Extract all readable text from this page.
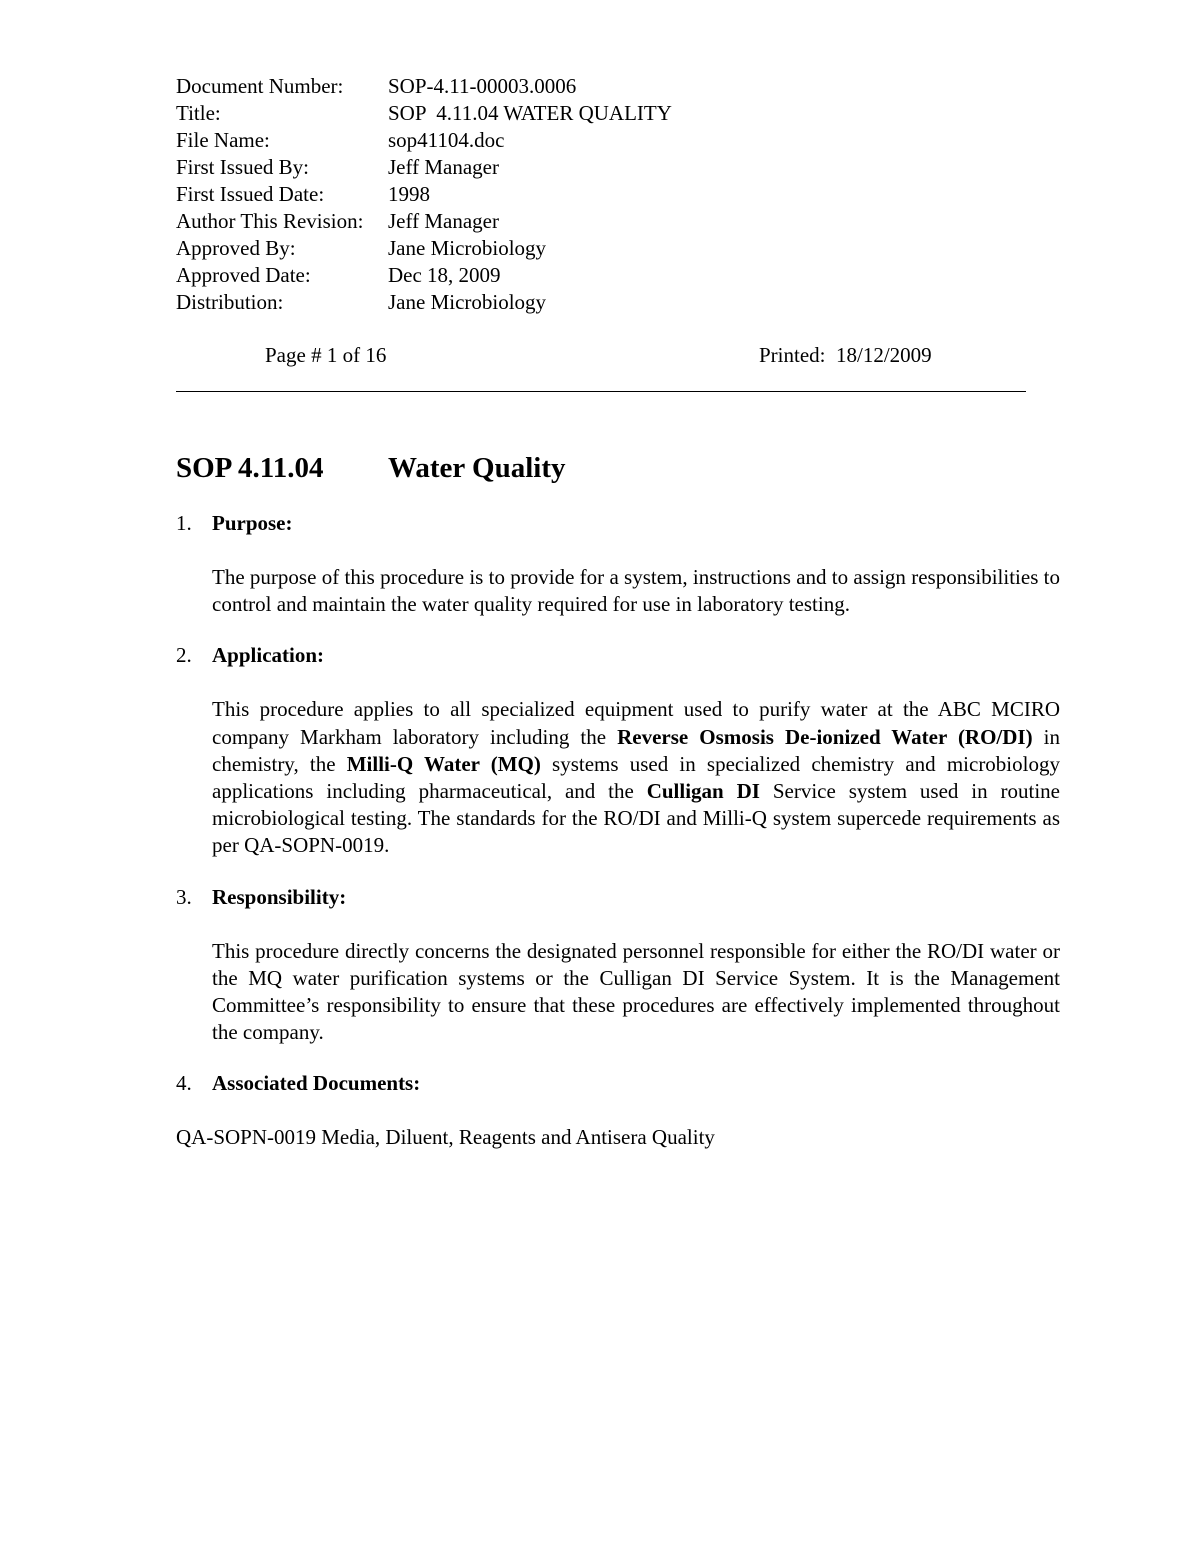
Document Number:	SOP-4.11-00003.0006
Title:	SOP  4.11.04 WATER QUALITY
File Name:	sop41104.doc
First Issued By:	Jeff Manager
First Issued Date:	1998
Author This Revision:	Jeff Manager
Approved By:	Jane Microbiology
Approved Date:	Dec 18, 2009
Distribution:	Jane Microbiology
Page # 1 of 16	Printed:  18/12/2009
SOP 4.11.04	Water Quality
1. Purpose:
The purpose of this procedure is to provide for a system, instructions and to assign responsibilities to control and maintain the water quality required for use in laboratory testing.
2. Application:
This procedure applies to all specialized equipment used to purify water at the ABC MCIRO company Markham laboratory including the Reverse Osmosis De-ionized Water (RO/DI) in chemistry, the Milli-Q Water (MQ) systems used in specialized chemistry and microbiology applications including pharmaceutical, and the Culligan DI Service system used in routine microbiological testing. The standards for the RO/DI and Milli-Q system supercede requirements as per QA-SOPN-0019.
3. Responsibility:
This procedure directly concerns the designated personnel responsible for either the RO/DI water or the MQ water purification systems or the Culligan DI Service System. It is the Management Committee’s responsibility to ensure that these procedures are effectively implemented throughout the company.
4. Associated Documents:
QA-SOPN-0019 Media, Diluent, Reagents and Antisera Quality
